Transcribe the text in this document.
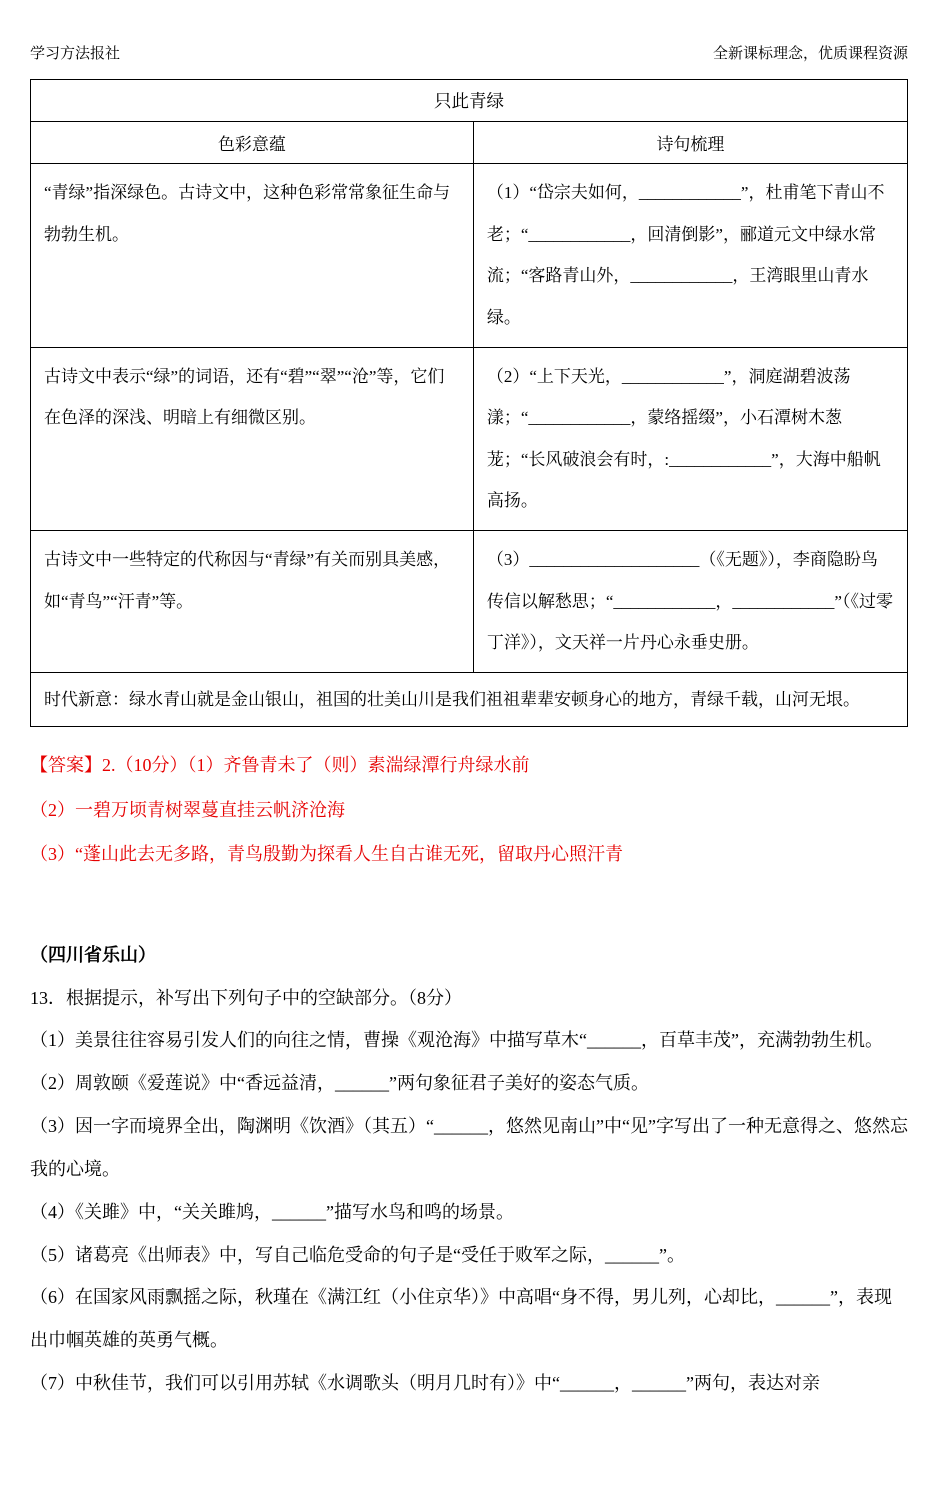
学习方法报社	全新课标理念，优质课程资源
只此青绿	
色彩意蕴	诗句梳理
“青绿”指深绿色。古诗文中，这种色彩常常象征生命与勃勃生机。	（1）“岱宗夫如何，____________”，杜甫笔下青山不老；“____________，回清倒影”，郦道元文中绿水常流；“客路青山外，____________，王湾眼里山青水绿。
古诗文中表示“绿”的词语，还有“碧”“翠”“沧”等，它们在色泽的深浅、明暗上有细微区别。	（2）“上下天光，____________”，洞庭湖碧波荡漾；“____________，蒙络摇缀”，小石潭树木葱茏；“长风破浪会有时，:____________”，大海中船帆高扬。
古诗文中一些特定的代称因与“青绿”有关而别具美感，如“青鸟”“汗青”等。	（3）____________________（《无题》），李商隐盼鸟传信以解愁思；“____________，____________”（《过零丁洋》），文天祥一片丹心永垂史册。
时代新意：绿水青山就是金山银山，祖国的壮美山川是我们祖祖辈辈安顿身心的地方，青绿千载，山河无垠。	

【答案】2.（10分）（1）齐鲁青未了（则）素湍绿潭行舟绿水前

（2）一碧万顷青树翠蔓直挂云帆济沧海

（3）“蓬山此去无多路，青鸟殷勤为探看人生自古谁无死，留取丹心照汗青

（四川省乐山）

13．根据提示，补写出下列句子中的空缺部分。（8分）

（1）美景往往容易引发人们的向往之情，曹操《观沧海》中描写草木“______，百草丰茂”，充满勃勃生机。

（2）周敦颐《爱莲说》中“香远益清，______”两句象征君子美好的姿态气质。

（3）因一字而境界全出，陶渊明《饮酒》（其五）“______，悠然见南山”中“见”字写出了一种无意得之、悠然忘我的心境。

（4）《关雎》中，“关关雎鸠，______”描写水鸟和鸣的场景。

（5）诸葛亮《出师表》中，写自己临危受命的句子是“受任于败军之际，______”。

（6）在国家风雨飘摇之际，秋瑾在《满江红（小住京华）》中高唱“身不得，男儿列，心却比，______”，表现出巾帼英雄的英勇气概。

（7）中秋佳节，我们可以引用苏轼《水调歌头（明月几时有）》中“______，______”两句，表达对亲
